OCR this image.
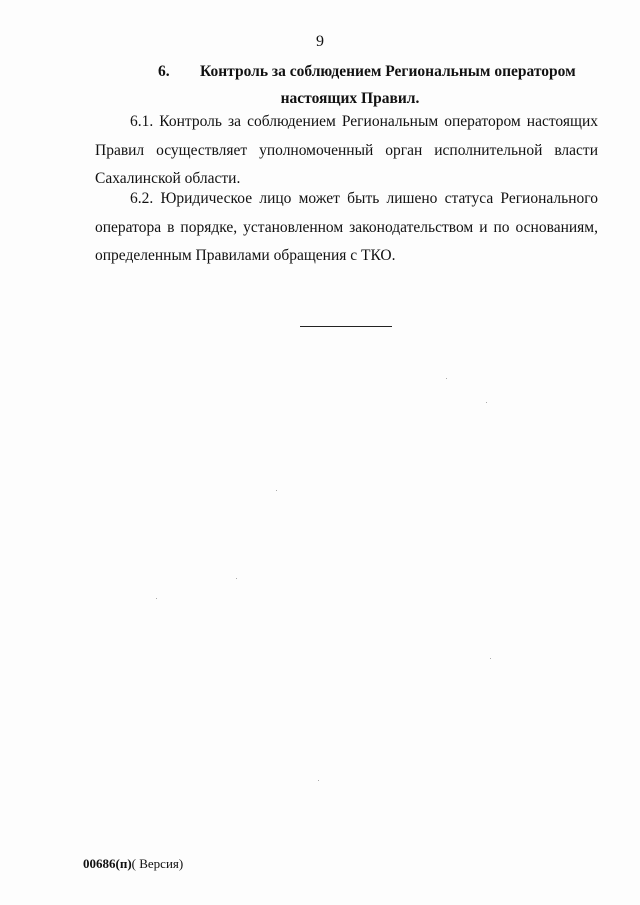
9
6. Контроль за соблюдением Региональным оператором
настоящих Правил.

6.1. Контроль за соблюдением Региональным оператором настоящих Правил осуществляет уполномоченный орган исполнительной власти Сахалинской области.

6.2. Юридическое лицо может быть лишено статуса Регионального оператора в порядке, установленном законодательством и по основаниям, определенным Правилами обращения с ТКО.

00686(п)( Версия)
